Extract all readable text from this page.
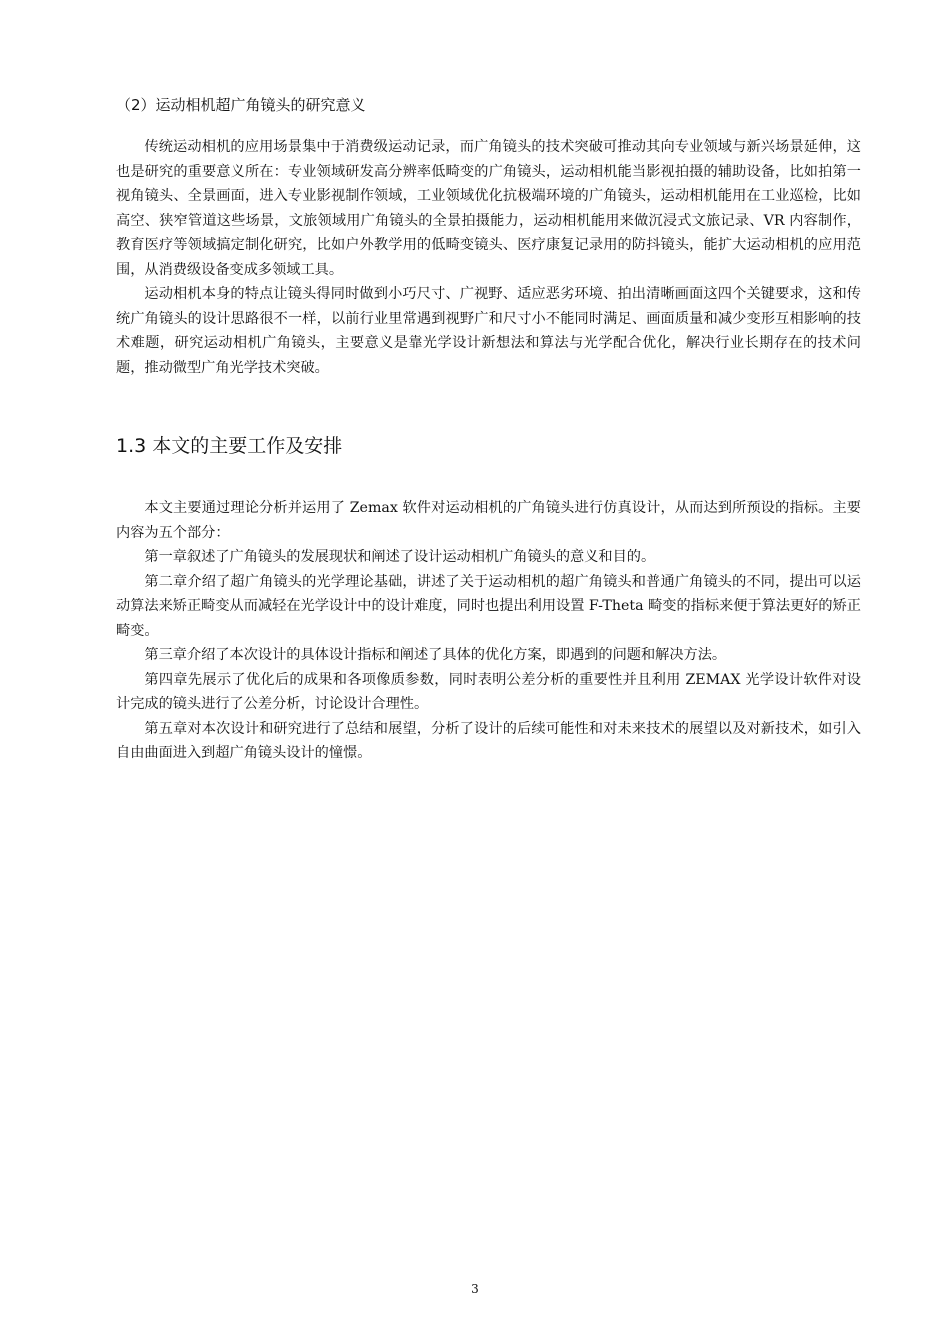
（2）运动相机超广角镜头的研究意义

传统运动相机的应用场景集中于消费级运动记录，而广角镜头的技术突破可推动其向专业领域与新兴场景延伸，这也是研究的重要意义所在：专业领域研发高分辨率低畸变的广角镜头，运动相机能当影视拍摄的辅助设备，比如拍第一视角镜头、全景画面，进入专业影视制作领域，工业领域优化抗极端环境的广角镜头，运动相机能用在工业巡检，比如高空、狭窄管道这些场景，文旅领域用广角镜头的全景拍摄能力，运动相机能用来做沉浸式文旅记录、VR 内容制作，教育医疗等领域搞定制化研究，比如户外教学用的低畸变镜头、医疗康复记录用的防抖镜头，能扩大运动相机的应用范围，从消费级设备变成多领域工具。

运动相机本身的特点让镜头得同时做到小巧尺寸、广视野、适应恶劣环境、拍出清晰画面这四个关键要求，这和传统广角镜头的设计思路很不一样，以前行业里常遇到视野广和尺寸小不能同时满足、画面质量和减少变形互相影响的技术难题，研究运动相机广角镜头，主要意义是靠光学设计新想法和算法与光学配合优化，解决行业长期存在的技术问题，推动微型广角光学技术突破。

1.3 本文的主要工作及安排

本文主要通过理论分析并运用了 Zemax 软件对运动相机的广角镜头进行仿真设计，从而达到所预设的指标。主要内容为五个部分：

第一章叙述了广角镜头的发展现状和阐述了设计运动相机广角镜头的意义和目的。

第二章介绍了超广角镜头的光学理论基础，讲述了关于运动相机的超广角镜头和普通广角镜头的不同，提出可以运动算法来矫正畸变从而减轻在光学设计中的设计难度，同时也提出利用设置 F-Theta 畸变的指标来便于算法更好的矫正畸变。

第三章介绍了本次设计的具体设计指标和阐述了具体的优化方案，即遇到的问题和解决方法。

第四章先展示了优化后的成果和各项像质参数，同时表明公差分析的重要性并且利用 ZEMAX 光学设计软件对设计完成的镜头进行了公差分析，讨论设计合理性。

第五章对本次设计和研究进行了总结和展望，分析了设计的后续可能性和对未来技术的展望以及对新技术，如引入自由曲面进入到超广角镜头设计的憧憬。

3
